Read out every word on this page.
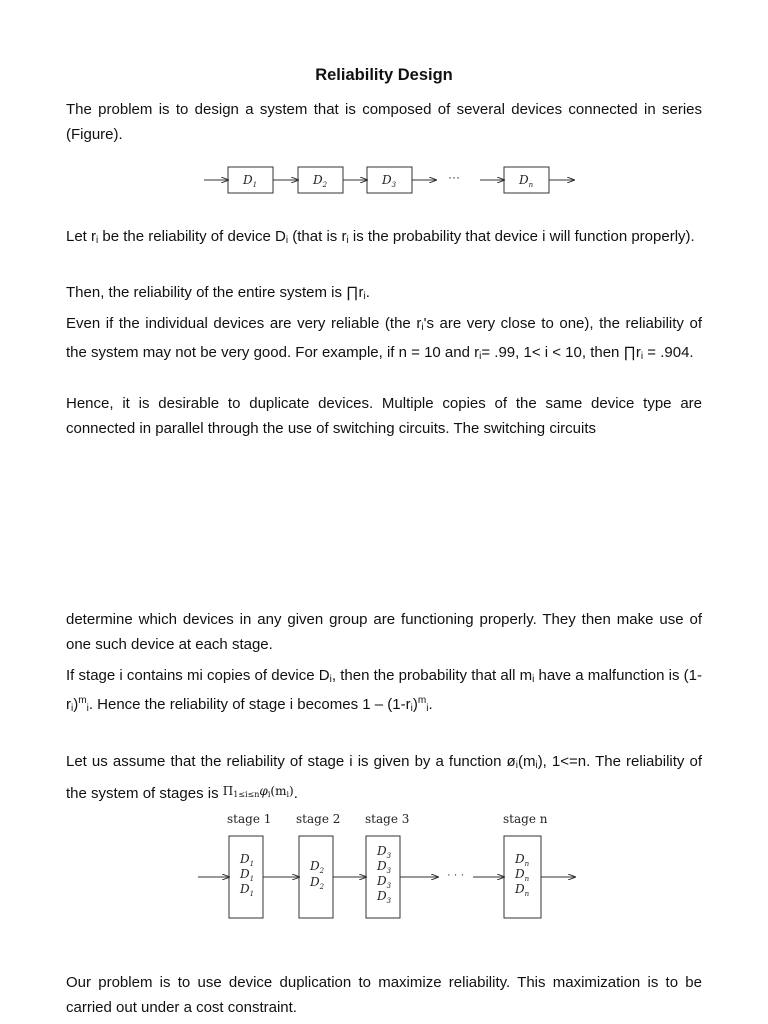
Reliability Design
The problem is to design a system that is composed of several devices connected in series (Figure).
$D_1$	$D_2$	$D_3$
···	$D_n$
Let $r_i$ be the reliability of device $D_i$ (that is $r_i$ is the probability that device i will function properly).
Then, the reliability of the entire system is $\prod r_i$.
Even if the individual devices are very reliable (the $r_i's$ are very close to one), the reliability of the system may not be very good. For example, if n = 10 and $r_i= .99$, 1< i < 10, then $\prod r_i = .904$.
Hence, it is desirable to duplicate devices. Multiple copies of the same device type are connected in parallel through the use of switching circuits. The switching circuits
determine which devices in any given group are functioning properly. They then make use of one such device at each stage.
If stage i contains mi copies of device $D_i$, then the probability that all $m_i$ have a malfunction is $(1-r_i)^m_i$. Hence the reliability of stage i becomes $1 - (1-r_i)^m_i$.
Let us assume that the reliability of stage i is given by a function $ø_i(m_i)$, 1<=n. The reliability of the system of stages is $^{\Pi_{1\le i\le n}\varphi_i(m_i)}$.
stage 1 stage 2 stage 3	stage n
· · ·
$D_1$
$D_1$
$D_1$
$D_2$
$D_2$
$D_3$
$D_3$
$D_3$
$D_3$
$D_n$
$D_n$
$D_n$
Our problem is to use device duplication to maximize reliability. This maximization is to be carried out under a cost constraint.
